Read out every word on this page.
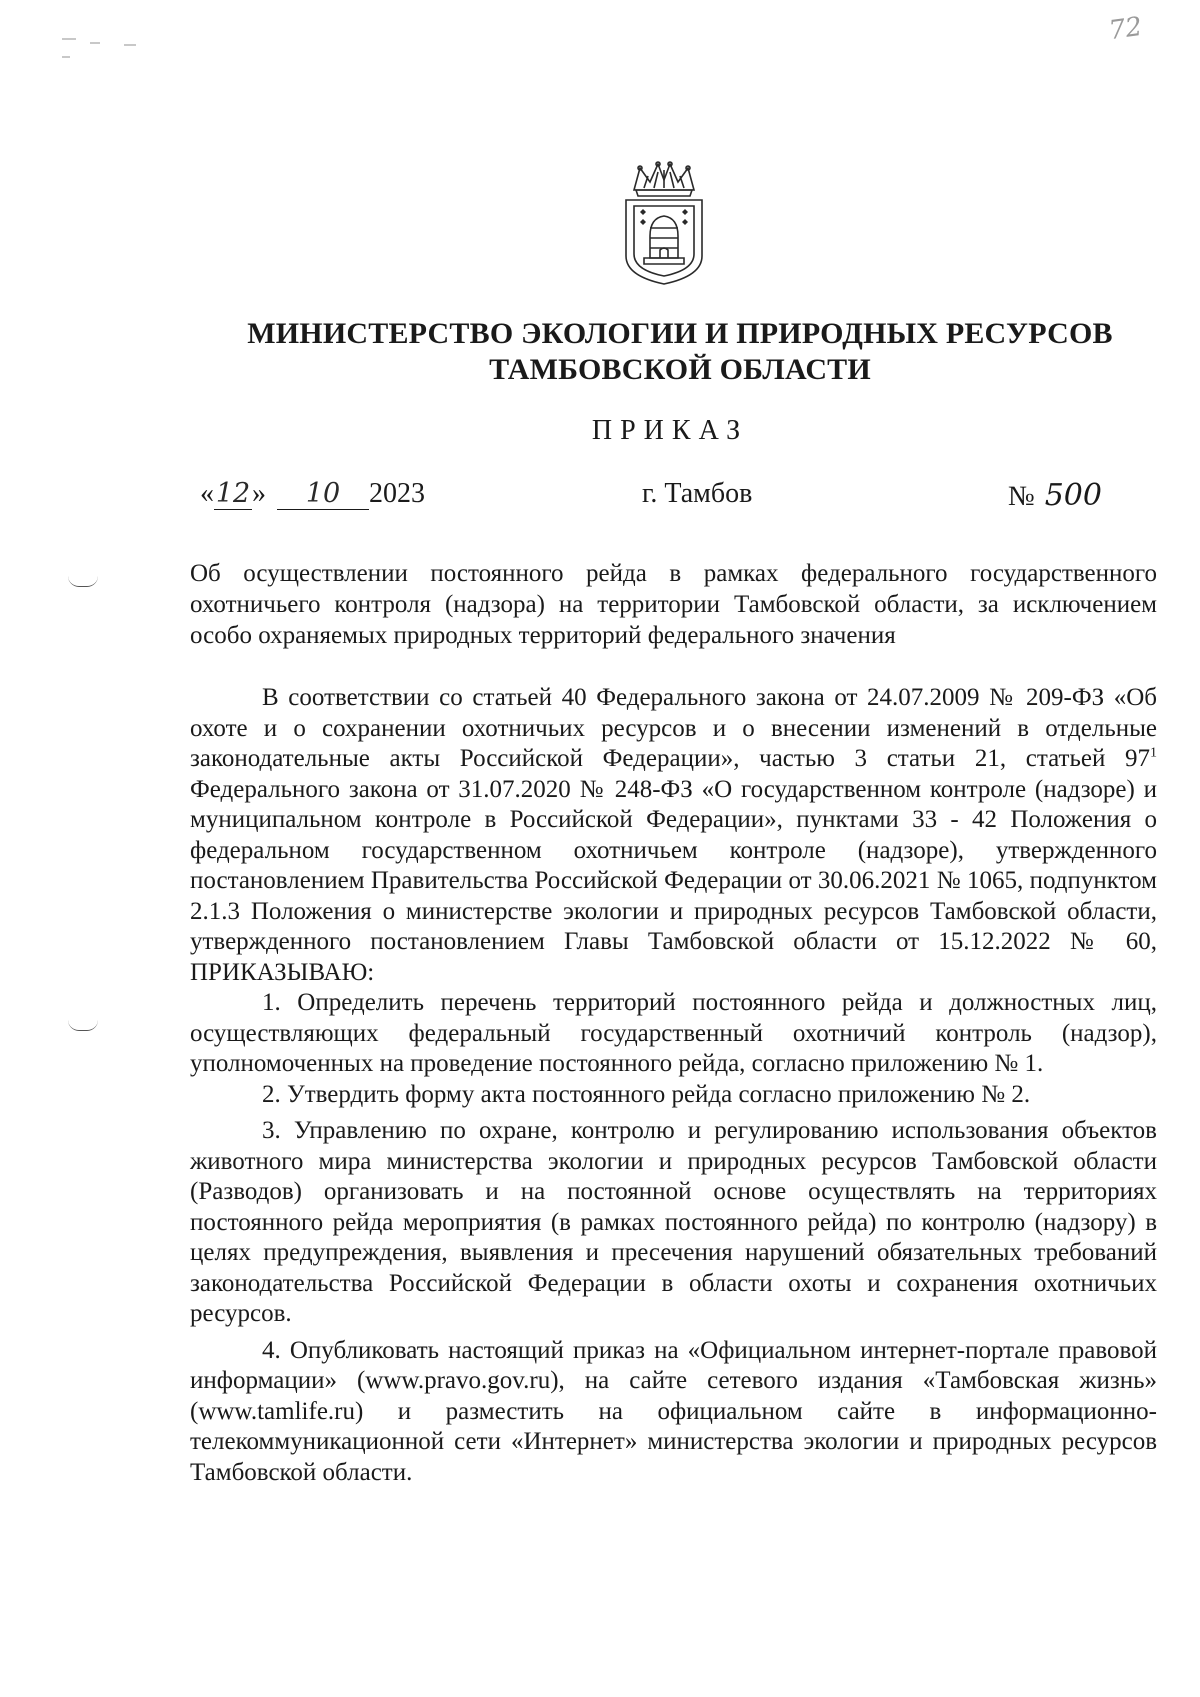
72
МИНИСТЕРСТВО ЭКОЛОГИИ И ПРИРОДНЫХ РЕСУРСОВ
ТАМБОВСКОЙ ОБЛАСТИ
ПРИКАЗ
«12» 10 2023	г. Тамбов	№ 500
Об осуществлении постоянного рейда в рамках федерального государственного охотничьего контроля (надзора) на территории Тамбовской области, за исключением особо охраняемых природных территорий федерального значения

В соответствии со статьей 40 Федерального закона от 24.07.2009 № 209-ФЗ «Об охоте и о сохранении охотничьих ресурсов и о внесении изменений в отдельные законодательные акты Российской Федерации», частью 3 статьи 21, статьей $97^1$ Федерального закона от 31.07.2020 № 248-ФЗ «О государственном контроле (надзоре) и муниципальном контроле в Российской Федерации», пунктами 33 - 42 Положения о федеральном государственном охотничьем контроле (надзоре), утвержденного постановлением Правительства Российской Федерации от 30.06.2021 № 1065, подпунктом 2.1.3 Положения о министерстве экологии и природных ресурсов Тамбовской области, утвержденного постановлением Главы Тамбовской области от 15.12.2022 № 60, ПРИКАЗЫВАЮ:

1. Определить перечень территорий постоянного рейда и должностных лиц, осуществляющих федеральный государственный охотничий контроль (надзор), уполномоченных на проведение постоянного рейда, согласно приложению № 1.

2. Утвердить форму акта постоянного рейда согласно приложению № 2.

3. Управлению по охране, контролю и регулированию использования объектов животного мира министерства экологии и природных ресурсов Тамбовской области (Разводов) организовать и на постоянной основе осуществлять на территориях постоянного рейда мероприятия (в рамках постоянного рейда) по контролю (надзору) в целях предупреждения, выявления и пресечения нарушений обязательных требований законодательства Российской Федерации в области охоты и сохранения охотничьих ресурсов.

4. Опубликовать настоящий приказ на «Официальном интернет-портале правовой информации» (www.pravo.gov.ru), на сайте сетевого издания «Тамбовская жизнь» (www.tamlife.ru) и разместить на официальном сайте в информационно-телекоммуникационной сети «Интернет» министерства экологии и природных ресурсов Тамбовской области.
